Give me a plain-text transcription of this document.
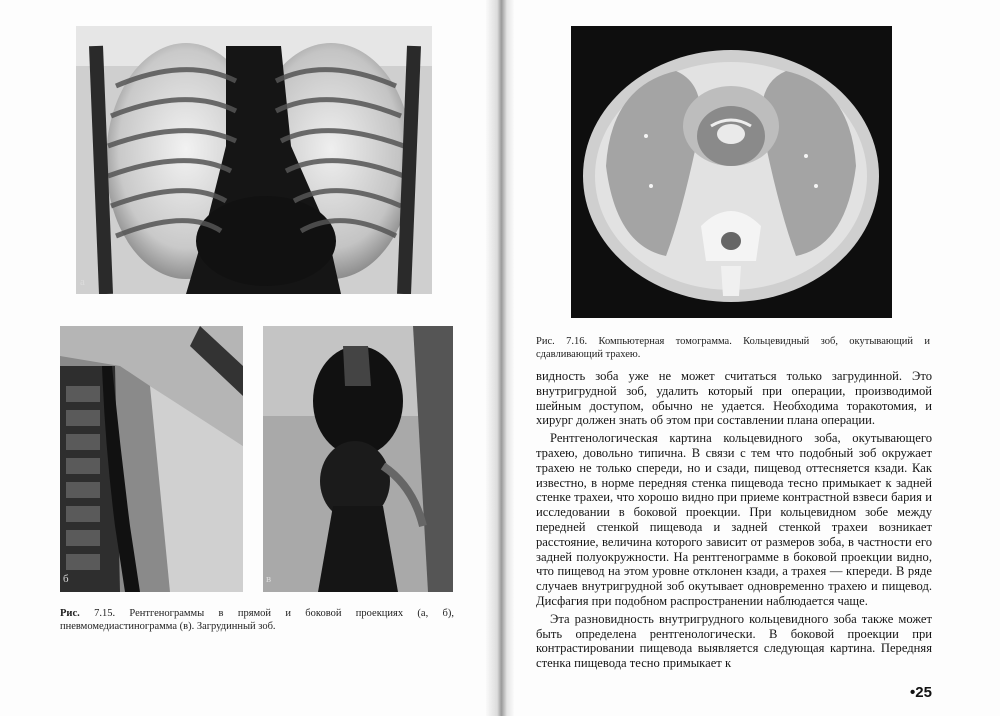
а
б	в
Рис. 7.15. Рентгенограммы в прямой и боковой проекциях (а, б), пневмомедиастинограмма (в). Загрудинный зоб.
Рис. 7.16. Компьютерная томограмма. Кольцевидный зоб, окутывающий и сдавливающий трахею.

видность зоба уже не может считаться только загрудинной. Это внутригрудной зоб, удалить который при операции, производимой шейным доступом, обычно не удается. Необходима торакотомия, и хирург должен знать об этом при составлении плана операции.

Рентгенологическая картина кольцевидного зоба, окутывающего трахею, довольно типична. В связи с тем что подобный зоб окружает трахею не только спереди, но и сзади, пищевод оттесняется кзади. Как известно, в норме передняя стенка пищевода тесно примыкает к задней стенке трахеи, что хорошо видно при приеме контрастной взвеси бария и исследовании в боковой проекции. При кольцевидном зобе между передней стенкой пищевода и задней стенкой трахеи возникает расстояние, величина которого зависит от размеров зоба, в частности его задней полуокружности. На рентгенограмме в боковой проекции видно, что пищевод на этом уровне отклонен кзади, а трахея — кпереди. В ряде случаев внутригрудной зоб окутывает одновременно трахею и пищевод. Дисфагия при подобном распространении наблюдается чаще.

Эта разновидность внутригрудного кольцевидного зоба также может быть определена рентгенологически. В боковой проекции при контрастировании пищевода выявляется следующая картина. Передняя стенка пищевода тесно примыкает к

•25
